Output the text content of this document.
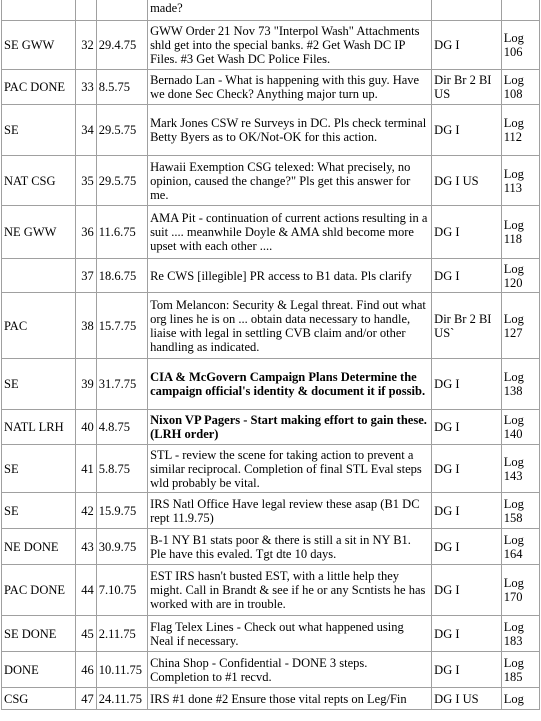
			made?		
SE GWW	32	29.4.75	GWW Order 21 Nov 73 "Interpol Wash" Attachments shld get into the special banks. #2 Get Wash DC IP Files. #3 Get Wash DC Police Files.	DG I	Log 106
PAC DONE	33	8.5.75	Bernado Lan - What is happening with this guy. Have we done Sec Check? Anything major turn up.	Dir Br 2 BI US	Log 108
SE	34	29.5.75	Mark Jones CSW re Surveys in DC. Pls check terminal Betty Byers as to OK/Not-OK for this action.	DG I	Log 112
NAT CSG	35	29.5.75	Hawaii Exemption CSG telexed: What precisely, no opinion, caused the change?" Pls get this answer for me.	DG I US	Log 113
NE GWW	36	11.6.75	AMA Pit - continuation of current actions resulting in a suit .... meanwhile Doyle & AMA shld become more upset with each other ....	DG I	Log 118
	37	18.6.75	Re CWS [illegible] PR access to B1 data. Pls clarify	DG I	Log 120
PAC	38	15.7.75	Tom Melancon: Security & Legal threat. Find out what org lines he is on ... obtain data necessary to handle, liaise with legal in settling CVB claim and/or other handling as indicated.	Dir Br 2 BI US`	Log 127
SE	39	31.7.75	CIA & McGovern Campaign Plans Determine the campaign official's identity & document it if possib.	DG I	Log 138
NATL LRH	40	4.8.75	Nixon VP Pagers - Start making effort to gain these. (LRH order)	DG I	Log 140
SE	41	5.8.75	STL - review the scene for taking action to prevent a similar reciprocal. Completion of final STL Eval steps wld probably be vital.	DG I	Log 143
SE	42	15.9.75	IRS Natl Office Have legal review these asap (B1 DC rept 11.9.75)	DG I	Log 158
NE DONE	43	30.9.75	B-1 NY B1 stats poor & there is still a sit in NY B1. Ple have this evaled. Tgt dte 10 days.	DG I	Log 164
PAC DONE	44	7.10.75	EST IRS hasn't busted EST, with a little help they might. Call in Brandt & see if he or any Scntists he has worked with are in trouble.	DG I	Log 170
SE DONE	45	2.11.75	Flag Telex Lines - Check out what happened using Neal if necessary.	DG I	Log 183
DONE	46	10.11.75	China Shop - Confidential - DONE 3 steps. Completion to #1 recvd.	DG I	Log 185
CSG	47	24.11.75	IRS #1 done #2 Ensure those vital repts on Leg/Fin	DG I US	Log
